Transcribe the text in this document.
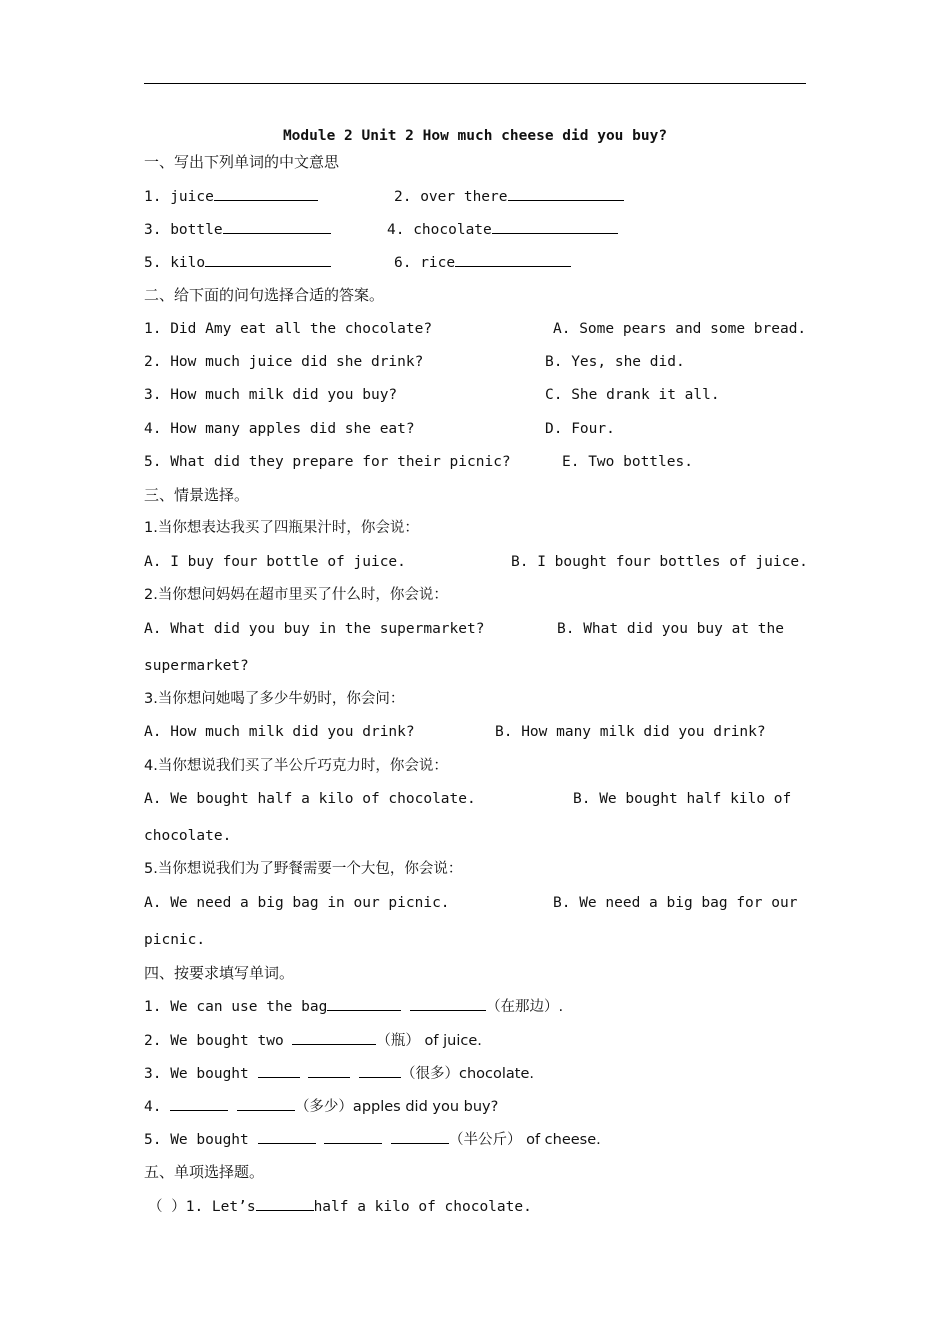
Module 2 Unit 2 How much cheese did you buy?
一、写出下列单词的中文意思
1. juice	2. over there
3. bottle	4. chocolate
5. kilo	6. rice
二、给下面的问句选择合适的答案。
1. Did Amy eat all the chocolate?	A. Some pears and some bread.
2. How much juice did she drink?	B. Yes, she did.
3. How much milk did you buy?	C. She drank it all.
4. How many apples did she eat?	D. Four.
5. What did they prepare for their picnic?	E. Two bottles.
三、情景选择。
1.当你想表达我买了四瓶果汁时，你会说：
A. I buy four bottle of juice.	B. I bought four bottles of juice.
2.当你想问妈妈在超市里买了什么时，你会说：
A. What did you buy in the supermarket?	B. What did you buy at the
supermarket?
3.当你想问她喝了多少牛奶时，你会问：
A. How much milk did you drink?	B. How many milk did you drink?
4.当你想说我们买了半公斤巧克力时，你会说：
A. We bought half a kilo of chocolate.	B. We bought half kilo of
chocolate.
5.当你想说我们为了野餐需要一个大包，你会说：
A. We need a big bag in our picnic.	B. We need a big bag for our
picnic.
四、按要求填写单词。
1. We can use the bag	（在那边）.
2. We bought two	（瓶） of juice.
3. We bought	（很多）chocolate.
4.	（多少）apples did you buy?
5. We bought	（半公斤） of cheese.
五、单项选择题。
（ ）1. Let’s	half a kilo of chocolate.
